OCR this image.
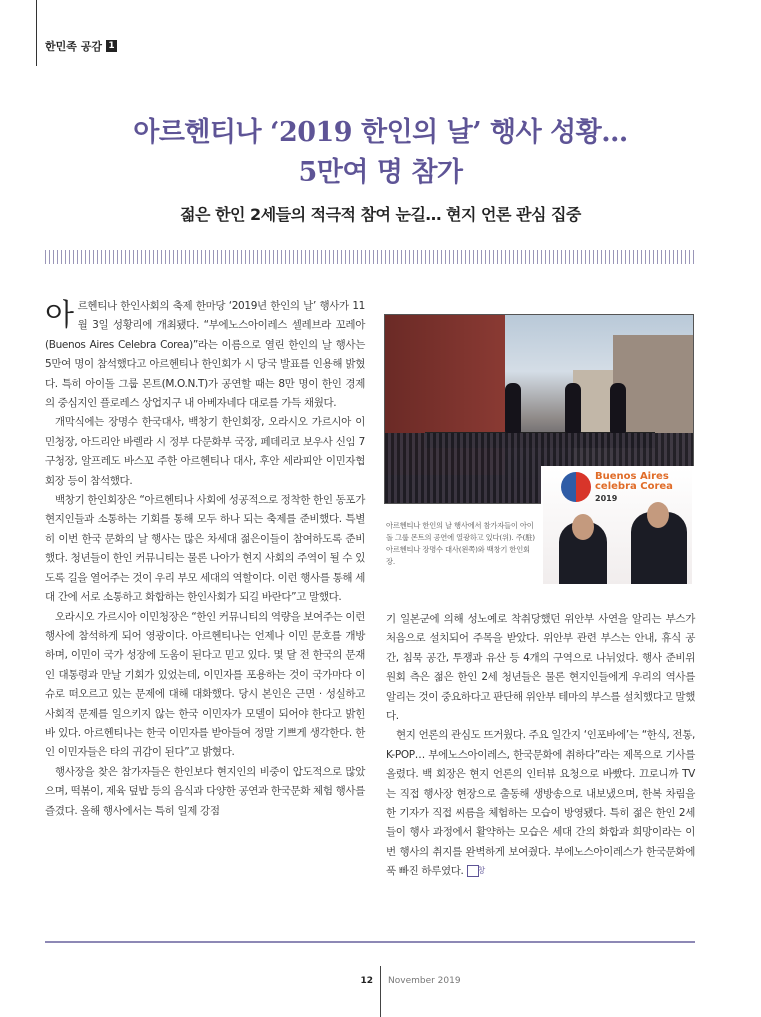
한민족 공감 1
아르헨티나 ‘2019 한인의 날’ 행사 성황…
5만여 명 참가
젊은 한인 2세들의 적극적 참여 눈길… 현지 언론 관심 집중

아르헨티나 한인사회의 축제 한마당 ‘2019년 한인의 날’ 행사가 11월 3일 성황리에 개최됐다. “부에노스아이레스 셀레브라 꼬레아(Buenos Aires Celebra Corea)”라는 이름으로 열린 한인의 날 행사는 5만여 명이 참석했다고 아르헨티나 한인회가 시 당국 발표를 인용해 밝혔다. 특히 아이돌 그룹 몬트(M.O.N.T)가 공연할 때는 8만 명이 한인 경제의 중심지인 플로레스 상업지구 내 아베자네다 대로를 가득 채웠다.

개막식에는 장명수 한국대사, 백창기 한인회장, 오라시오 가르시아 이민청장, 아드리안 바렐라 시 정부 다문화부 국장, 페데리코 보우사 신임 7구청장, 알프레도 바스꼬 주한 아르헨티나 대사, 후안 세라피안 이민자협회장 등이 참석했다.

백창기 한인회장은 “아르헨티나 사회에 성공적으로 정착한 한인 동포가 현지인들과 소통하는 기회를 통해 모두 하나 되는 축제를 준비했다. 특별히 이번 한국 문화의 날 행사는 많은 차세대 젊은이들이 참여하도록 준비했다. 청년들이 한인 커뮤니티는 물론 나아가 현지 사회의 주역이 될 수 있도록 길을 열어주는 것이 우리 부모 세대의 역할이다. 이런 행사를 통해 세대 간에 서로 소통하고 화합하는 한인사회가 되길 바란다”고 말했다.

오라시오 가르시아 이민청장은 “한인 커뮤니티의 역량을 보여주는 이런 행사에 참석하게 되어 영광이다. 아르헨티나는 언제나 이민 문호를 개방하며, 이민이 국가 성장에 도움이 된다고 믿고 있다. 몇 달 전 한국의 문재인 대통령과 만날 기회가 있었는데, 이민자를 포용하는 것이 국가마다 이슈로 떠오르고 있는 문제에 대해 대화했다. 당시 본인은 근면 · 성실하고 사회적 문제를 일으키지 않는 한국 이민자가 모델이 되어야 한다고 밝힌 바 있다. 아르헨티나는 한국 이민자를 받아들여 정말 기쁘게 생각한다. 한인 이민자들은 타의 귀감이 된다”고 밝혔다.

행사장을 찾은 참가자들은 한인보다 현지인의 비중이 압도적으로 많았으며, 떡볶이, 제육 덮밥 등의 음식과 다양한 공연과 한국문화 체험 행사를 즐겼다. 올해 행사에서는 특히 일제 강점

Buenos Aires celebra Corea
2019
아르헨티나 한인의 날 행사에서 참가자들이 아이돌 그룹 몬트의 공연에 열광하고 있다(위). 주(駐) 아르헨티나 장명수 대사(왼쪽)와 백창기 한인회장.

기 일본군에 의해 성노예로 착취당했던 위안부 사연을 알리는 부스가 처음으로 설치되어 주목을 받았다. 위안부 관련 부스는 안내, 휴식 공간, 침묵 공간, 투쟁과 유산 등 4개의 구역으로 나뉘었다. 행사 준비위원회 측은 젊은 한인 2세 청년들은 물론 현지인들에게 우리의 역사를 알리는 것이 중요하다고 판단해 위안부 테마의 부스를 설치했다고 말했다.

현지 언론의 관심도 뜨거웠다. 주요 일간지 ‘인포바에’는 “한식, 전통, K-POP… 부에노스아이레스, 한국문화에 취하다”라는 제목으로 기사를 올렸다. 백 회장은 현지 언론의 인터뷰 요청으로 바빴다. 끄로니까 TV는 직접 행사장 현장으로 출동해 생방송으로 내보냈으며, 한복 차림을 한 기자가 직접 씨름을 체험하는 모습이 방영됐다. 특히 젊은 한인 2세들이 행사 과정에서 활약하는 모습은 세대 간의 화합과 희망이라는 이번 행사의 취지를 완벽하게 보여줬다. 부에노스아이레스가 한국문화에 푹 빠진 하루였다. 창

12 November 2019
